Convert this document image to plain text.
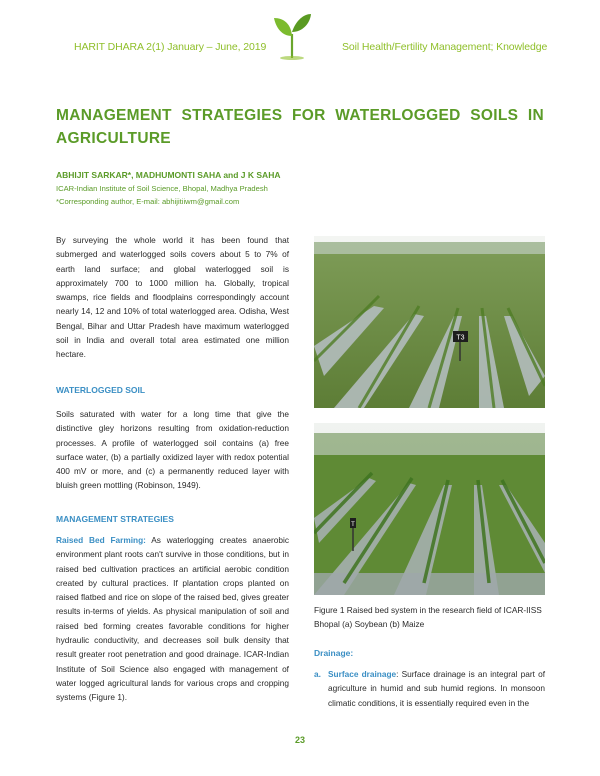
HARIT DHARA 2(1) January – June, 2019	Soil Health/Fertility Management; Knowledge
MANAGEMENT STRATEGIES FOR WATERLOGGED SOILS IN
AGRICULTURE
ABHIJIT SARKAR*, MADHUMONTI SAHA and J K SAHA
ICAR-Indian Institute of Soil Science, Bhopal, Madhya Pradesh
*Corresponding author, E-mail: abhijitiiwm@gmail.com
By surveying the whole world it has been found that submerged and waterlogged soils covers about 5 to 7% of earth land surface; and global waterlogged soil is approximately 700 to 1000 million ha. Globally, tropical swamps, rice fields and floodplains correspondingly account nearly 14, 12 and 10% of total waterlogged area. Odisha, West Bengal, Bihar and Uttar Pradesh have maximum waterlogged soil in India and overall total area estimated one million hectare.
WATERLOGGED SOIL
Soils saturated with water for a long time that give the distinctive gley horizons resulting from oxidation-reduction processes. A profile of waterlogged soil contains (a) free surface water, (b) a partially oxidized layer with redox potential 400 mV or more, and (c) a permanently reduced layer with bluish green mottling (Robinson, 1949).
MANAGEMENT STRATEGIES
Raised Bed Farming: As waterlogging creates anaerobic environment plant roots can't survive in those conditions, but in raised bed cultivation practices an artificial aerobic condition created by cultural practices. If plantation crops planted on raised flatbed and rice on slope of the raised bed, gives greater results in-terms of yields. As physical manipulation of soil and raised bed forming creates favorable conditions for higher hydraulic conductivity, and decreases soil bulk density that result greater root penetration and good drainage. ICAR-Indian Institute of Soil Science also engaged with management of water logged agricultural lands for various crops and cropping systems (Figure 1).
T3
T
Figure 1 Raised bed system in the research field of ICAR-IISS Bhopal (a) Soybean (b) Maize
Drainage:
a. Surface drainage: Surface drainage is an integral part of agriculture in humid and sub humid regions. In monsoon climatic conditions, it is essentially required even in the
23
